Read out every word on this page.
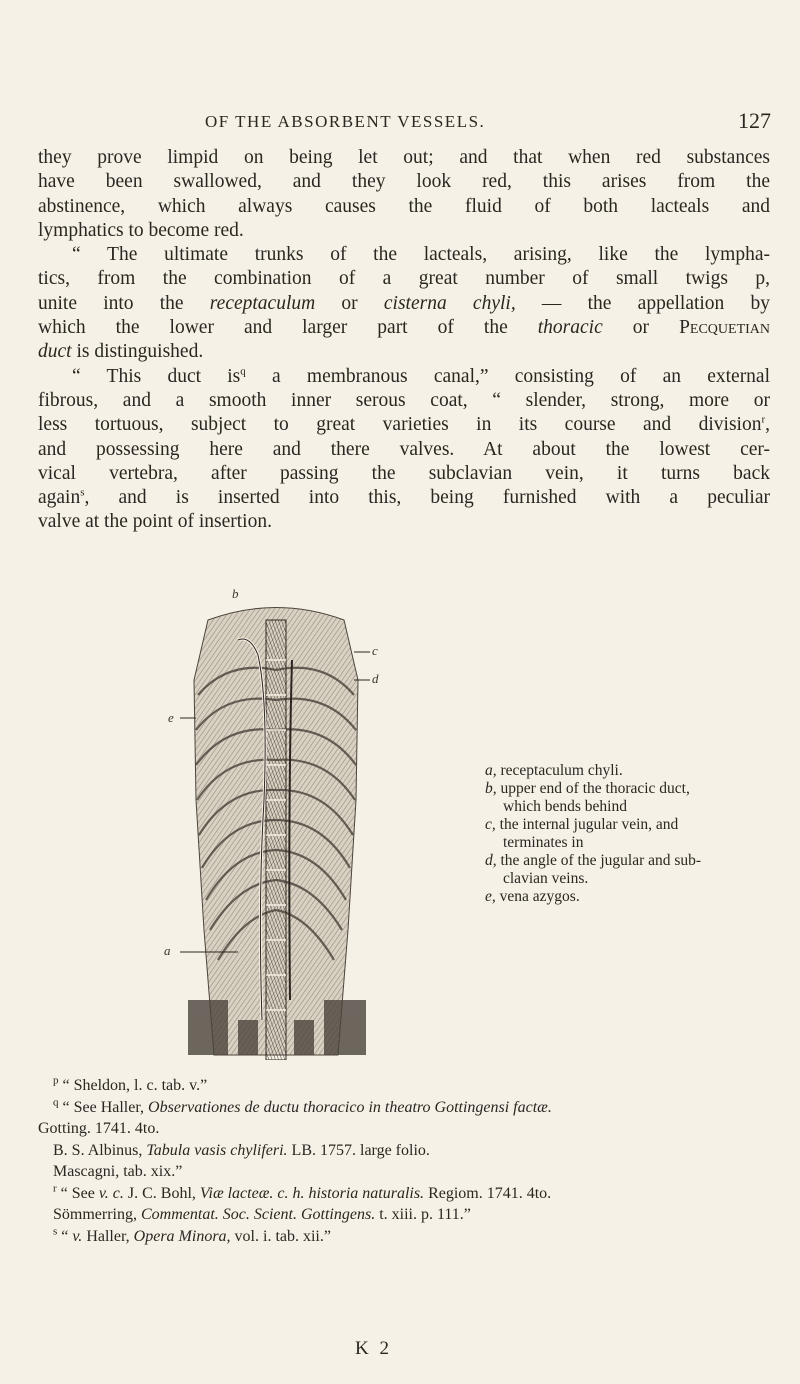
OF THE ABSORBENT VESSELS.	127
they prove limpid on being let out; and that when red substances
have been swallowed, and they look red, this arises from the
abstinence, which always causes the fluid of both lacteals and
lymphatics to become red.
“ The ultimate trunks of the lacteals, arising, like the lympha-
tics, from the combination of a great number of small twigs p,
unite into the receptaculum or cisterna chyli, — the appellation by
which the lower and larger part of the thoracic or Pecquetian
duct is distinguished.
“ This duct $is^q$ a membranous canal,” consisting of an external
fibrous, and a smooth inner serous coat, “ slender, strong, more or
less tortuous, subject to great varieties in its course and division$^r$,
and possessing here and there valves. At about the lowest cer-
vical vertebra, after passing the subclavian vein, it turns back
again$^s$, and is inserted into this, being furnished with a peculiar
valve at the point of insertion.
b
c
d
e
a
a, receptaculum chyli.
b, upper end of the thoracic duct,
which bends behind
c, the internal jugular vein, and
terminates in
d, the angle of the jugular and sub-
clavian veins.
e, vena azygos.
$^p$ “ Sheldon, l. c. tab. v.”
$^q$ “ See Haller, Observationes de ductu thoracico in theatro Gottingensi factæ.
Gotting. 1741. 4to.
B. S. Albinus, Tabula vasis chyliferi. LB. 1757. large folio.
Mascagni, tab. xix.”
$^r$ “ See v. c. J. C. Bohl, Viæ lacteæ. c. h. historia naturalis. Regiom. 1741. 4to.
Sömmerring, Commentat. Soc. Scient. Gottingens. t. xiii. p. 111.”
$^s$ “ v. Haller, Opera Minora, vol. i. tab. xii.”
K 2
